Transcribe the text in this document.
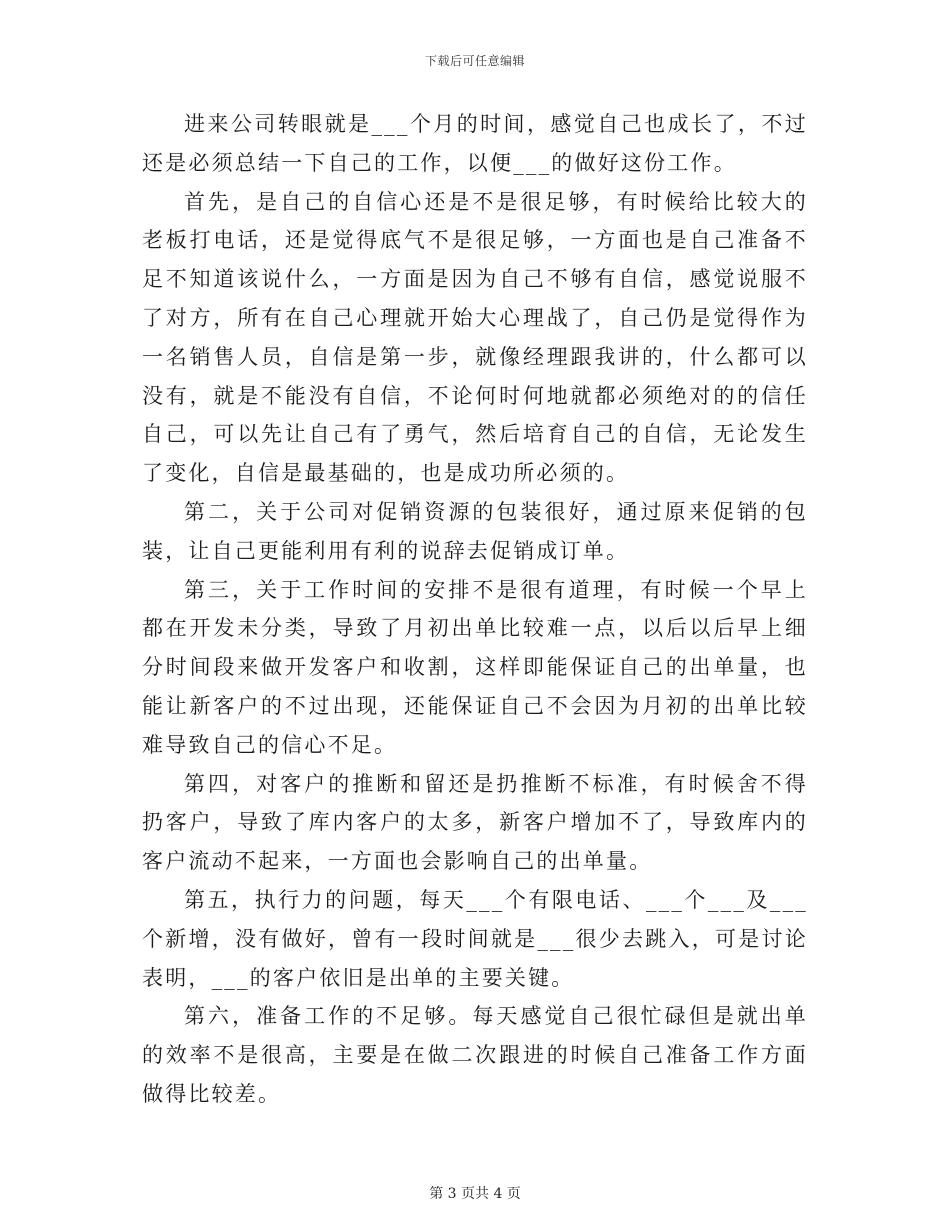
下载后可任意编辑

进来公司转眼就是___个月的时间，感觉自己也成长了，不过还是必须总结一下自己的工作，以便___的做好这份工作。

首先，是自己的自信心还是不是很足够，有时候给比较大的老板打电话，还是觉得底气不是很足够，一方面也是自己准备不足不知道该说什么，一方面是因为自己不够有自信，感觉说服不了对方，所有在自己心理就开始大心理战了，自己仍是觉得作为一名销售人员，自信是第一步，就像经理跟我讲的，什么都可以没有，就是不能没有自信，不论何时何地就都必须绝对的的信任自己，可以先让自己有了勇气，然后培育自己的自信，无论发生了变化，自信是最基础的，也是成功所必须的。

第二，关于公司对促销资源的包装很好，通过原来促销的包装，让自己更能利用有利的说辞去促销成订单。

第三，关于工作时间的安排不是很有道理，有时候一个早上都在开发未分类，导致了月初出单比较难一点，以后以后早上细分时间段来做开发客户和收割，这样即能保证自己的出单量，也能让新客户的不过出现，还能保证自己不会因为月初的出单比较难导致自己的信心不足。

第四，对客户的推断和留还是扔推断不标准，有时候舍不得扔客户，导致了库内客户的太多，新客户增加不了，导致库内的客户流动不起来，一方面也会影响自己的出单量。

第五，执行力的问题，每天___个有限电话、___个___及___个新增，没有做好，曾有一段时间就是___很少去跳入，可是讨论表明，___的客户依旧是出单的主要关键。

第六，准备工作的不足够。每天感觉自己很忙碌但是就出单的效率不是很高，主要是在做二次跟进的时候自己准备工作方面做得比较差。

第 3 页共 4 页
